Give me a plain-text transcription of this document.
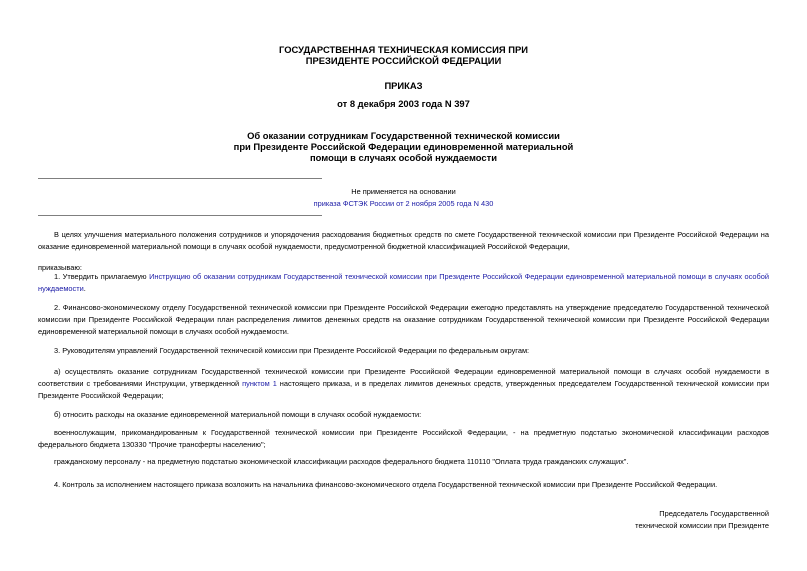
ГОСУДАРСТВЕННАЯ ТЕХНИЧЕСКАЯ КОМИССИЯ ПРИ
ПРЕЗИДЕНТЕ РОССИЙСКОЙ ФЕДЕРАЦИИ
ПРИКАЗ
от 8 декабря 2003 года N 397
Об оказании сотрудникам Государственной технической комиссии
при Президенте Российской Федерации единовременной материальной
помощи в случаях особой нуждаемости
Не применяется на основании
приказа ФСТЭК России от 2 ноября 2005 года N 430
В целях улучшения материального положения сотрудников и упорядочения расходования бюджетных средств по смете Государственной технической комиссии при Президенте Российской Федерации на оказание единовременной материальной помощи в случаях особой нуждаемости, предусмотренной бюджетной классификацией Российской Федерации,
приказываю:
1. Утвердить прилагаемую Инструкцию об оказании сотрудникам Государственной технической комиссии при Президенте Российской Федерации единовременной материальной помощи в случаях особой нуждаемости.
2. Финансово-экономическому отделу Государственной технической комиссии при Президенте Российской Федерации ежегодно представлять на утверждение председателю Государственной технической комиссии при Президенте Российской Федерации план распределения лимитов денежных средств на оказание сотрудникам Государственной технической комиссии при Президенте Российской Федерации единовременной материальной помощи в случаях особой нуждаемости.
3. Руководителям управлений Государственной технической комиссии при Президенте Российской Федерации по федеральным округам:
а) осуществлять оказание сотрудникам Государственной технической комиссии при Президенте Российской Федерации единовременной материальной помощи в случаях особой нуждаемости в соответствии с требованиями Инструкции, утвержденной пунктом 1 настоящего приказа, и в пределах лимитов денежных средств, утвержденных председателем Государственной технической комиссии при Президенте Российской Федерации;
б) относить расходы на оказание единовременной материальной помощи в случаях особой нуждаемости:
военнослужащим, прикомандированным к Государственной технической комиссии при Президенте Российской Федерации, - на предметную подстатью экономической классификации расходов федерального бюджета 130330 "Прочие трансферты населению";
гражданскому персоналу - на предметную подстатью экономической классификации расходов федерального бюджета 110110 "Оплата труда гражданских служащих".
4. Контроль за исполнением настоящего приказа возложить на начальника финансово-экономического отдела Государственной технической комиссии при Президенте Российской Федерации.
Председатель Государственной
технической комиссии при Президенте
